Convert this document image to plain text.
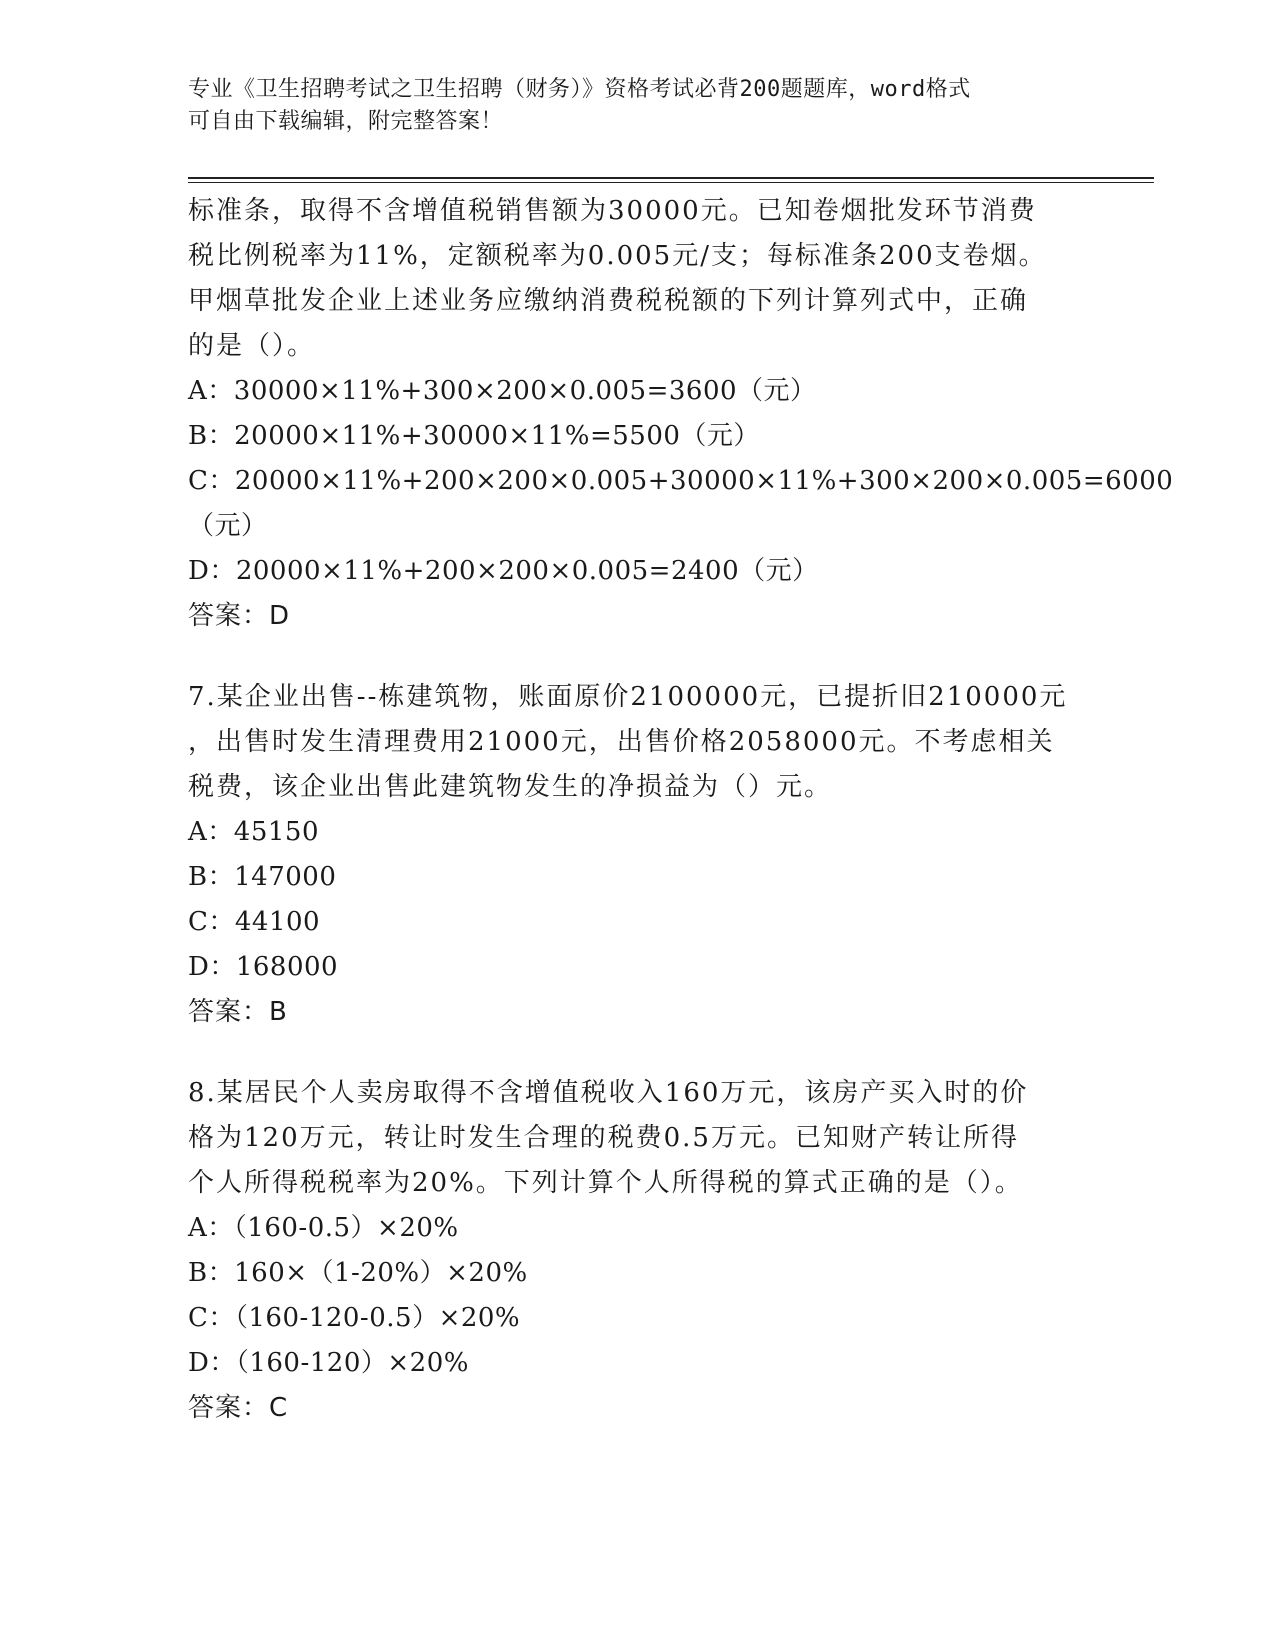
专业《卫生招聘考试之卫生招聘（财务）》资格考试必背200题题库，word格式
可自由下载编辑，附完整答案！
标准条，取得不含增值税销售额为30000元。已知卷烟批发环节消费
税比例税率为11%，定额税率为0.005元/支；每标准条200支卷烟。
甲烟草批发企业上述业务应缴纳消费税税额的下列计算列式中，正确
的是（）。
A：30000×11%+300×200×0.005=3600（元）
B：20000×11%+30000×11%=5500（元）
C：20000×11%+200×200×0.005+30000×11%+300×200×0.005=6000
（元）
D：20000×11%+200×200×0.005=2400（元）
答案：D
7.某企业出售--栋建筑物，账面原价2100000元，已提折旧210000元
，出售时发生清理费用21000元，出售价格2058000元。不考虑相关
税费，该企业出售此建筑物发生的净损益为（）元。
A：45150
B：147000
C：44100
D：168000
答案：B
8.某居民个人卖房取得不含增值税收入160万元，该房产买入时的价
格为120万元，转让时发生合理的税费0.5万元。已知财产转让所得
个人所得税税率为20%。下列计算个人所得税的算式正确的是（）。
A：（160-0.5）×20%
B：160×（1-20%）×20%
C：（160-120-0.5）×20%
D：（160-120）×20%
答案：C
